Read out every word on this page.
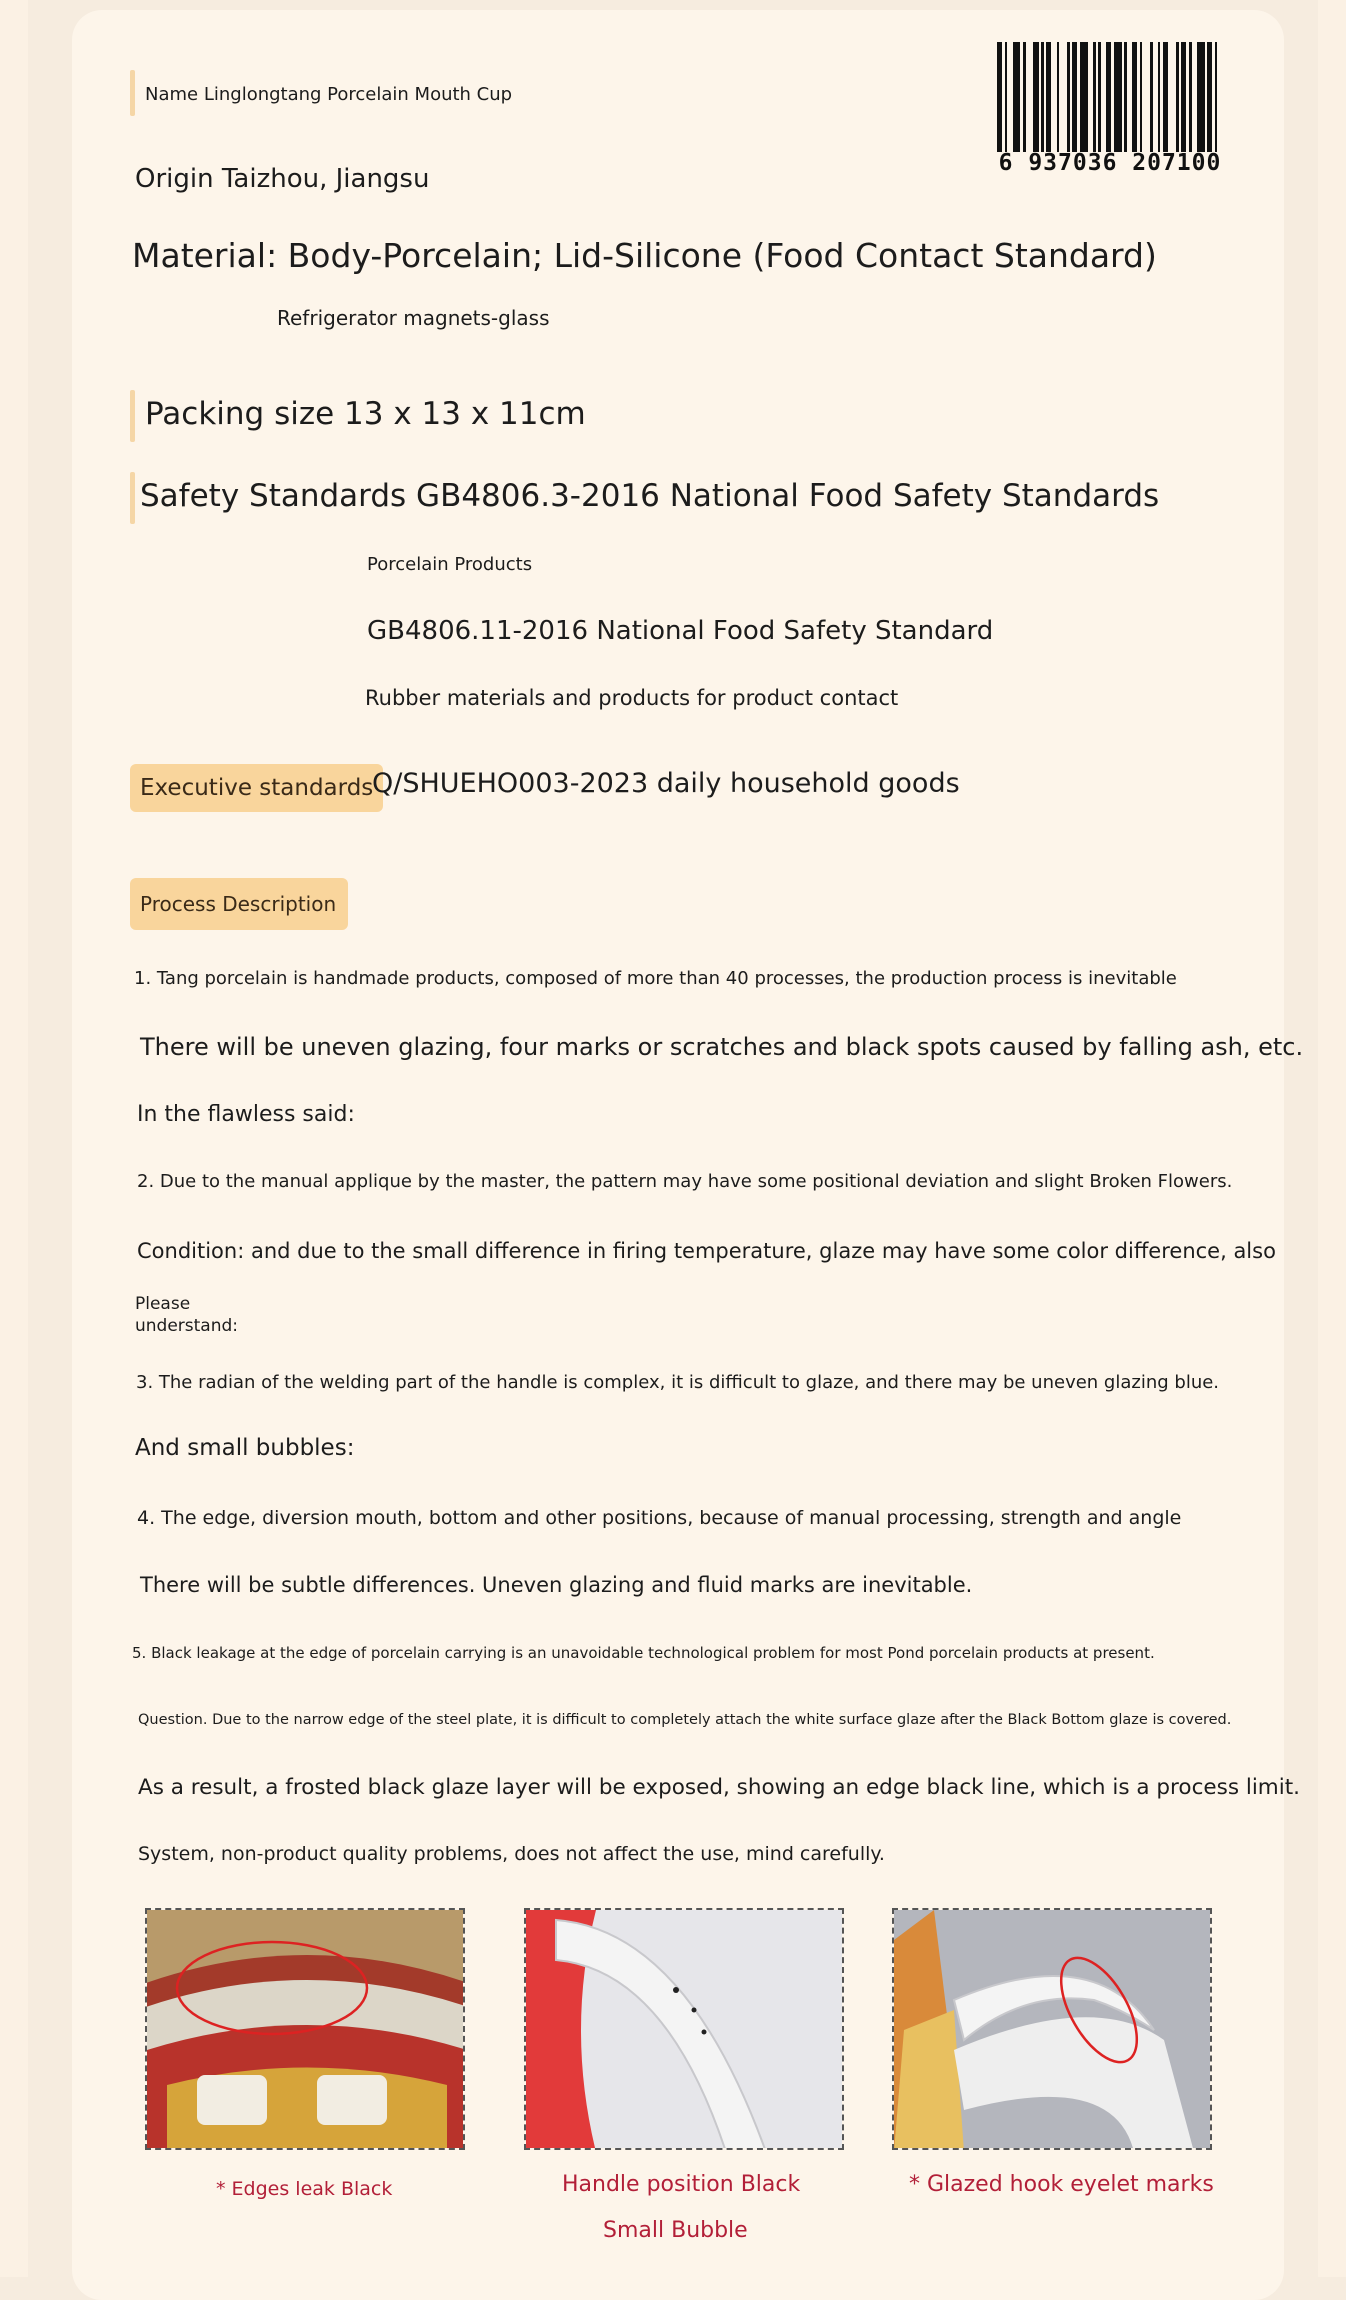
Name Linglongtang Porcelain Mouth Cup
6 937036 207100
Origin Taizhou, Jiangsu
Material: Body-Porcelain; Lid-Silicone (Food Contact Standard)
Refrigerator magnets-glass
Packing size 13 x 13 x 11cm
Safety Standards GB4806.3-2016 National Food Safety Standards
Porcelain Products
GB4806.11-2016 National Food Safety Standard
Rubber materials and products for product contact
Executive standards
Q/SHUEHO003-2023 daily household goods
Process Description
1. Tang porcelain is handmade products, composed of more than 40 processes, the production process is inevitable
There will be uneven glazing, four marks or scratches and black spots caused by falling ash, etc.
In the flawless said:
2. Due to the manual applique by the master, the pattern may have some positional deviation and slight Broken Flowers.
Condition: and due to the small difference in firing temperature, glaze may have some color difference, also
Please
understand:
3. The radian of the welding part of the handle is complex, it is difficult to glaze, and there may be uneven glazing blue.
And small bubbles:
4. The edge, diversion mouth, bottom and other positions, because of manual processing, strength and angle
There will be subtle differences. Uneven glazing and fluid marks are inevitable.
5. Black leakage at the edge of porcelain carrying is an unavoidable technological problem for most Pond porcelain products at present.
Question. Due to the narrow edge of the steel plate, it is difficult to completely attach the white surface glaze after the Black Bottom glaze is covered.
As a result, a frosted black glaze layer will be exposed, showing an edge black line, which is a process limit.
System, non-product quality problems, does not affect the use, mind carefully.
* Edges leak Black	Handle position Black
Small Bubble
* Glazed hook eyelet marks
